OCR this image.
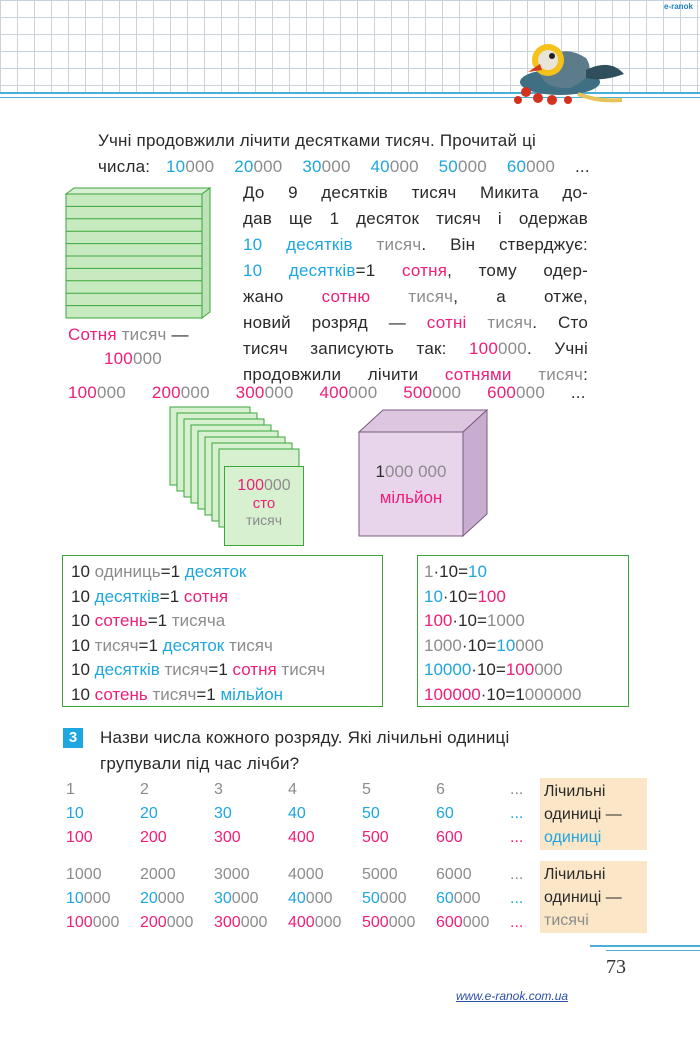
e-ranok
Учні продовжили лічити десятками тисяч. Прочитай ці
числа: 10000 20000 30000 40000 50000 60000 ...
Сотня тисяч —
100000
До 9 десятків тисяч Микита до-
дав ще 1 десяток тисяч і одержав
10 десятків тисяч. Він стверджує:
10 десятків=1 сотня, тому одер-
жано сотню тисяч, а отже,
новий розряд — сотні тисяч. Сто
тисяч записують так: 100000. Учні
продовжили лічити сотнями тисяч:
100000 200000 300000 400000 500000 600000 ...
100000
сто
тисяч
1000 000
мільйон
10 одиниць=1 десяток
10 десятків=1 сотня
10 сотень=1 тисяча
10 тисяч=1 десяток тисяч
10 десятків тисяч=1 сотня тисяч
10 сотень тисяч=1 мільйон
1·10=10
10·10=100
100·10=1000
1000·10=10000
10000·10=100000
100000·10=1000000
3	Назви числа кожного розряду. Які лічильні одиниці
групували під час лічби?
1	2	3	4	5	6	...
10	20	30	40	50	60	...
100	200	300	400	500	600	...
Лічильні
одиниці —
одиниці
1000 2000 3000 4000 5000 6000 ...
10000 20000 30000 40000 50000 60000 ...
100000 200000 300000 400000 500000 600000 ...
Лічильні
одиниці —
тисячі
73
www.e-ranok.com.ua
